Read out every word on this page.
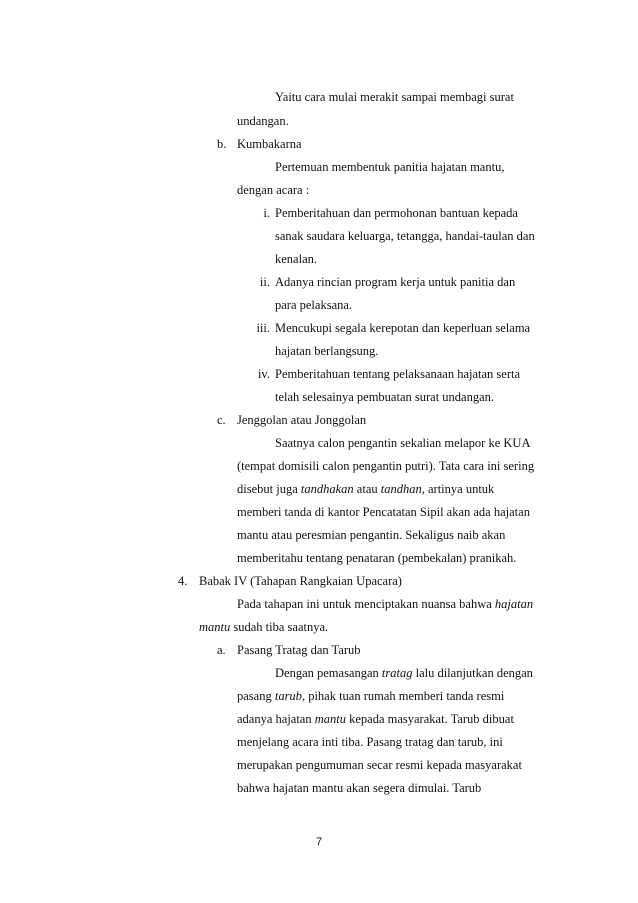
Yaitu cara mulai merakit sampai membagi surat
undangan.
b. Kumbakarna
Pertemuan membentuk panitia hajatan mantu,
dengan acara :
i. Pemberitahuan dan permohonan bantuan kepada
sanak saudara keluarga, tetangga, handai-taulan dan
kenalan.
ii. Adanya rincian program kerja untuk panitia dan
para pelaksana.
iii. Mencukupi segala kerepotan dan keperluan selama
hajatan berlangsung.
iv. Pemberitahuan tentang pelaksanaan hajatan serta
telah selesainya pembuatan surat undangan.
c. Jenggolan atau Jonggolan
Saatnya calon pengantin sekalian melapor ke KUA
(tempat domisili calon pengantin putri). Tata cara ini sering
disebut juga tandhakan atau tandhan, artinya untuk
memberi tanda di kantor Pencatatan Sipil akan ada hajatan
mantu atau peresmian pengantin. Sekaligus naib akan
memberitahu tentang penataran (pembekalan) pranikah.
4. Babak IV (Tahapan Rangkaian Upacara)
Pada tahapan ini untuk menciptakan nuansa bahwa hajatan
mantu sudah tiba saatnya.
a. Pasang Tratag dan Tarub
Dengan pemasangan tratag lalu dilanjutkan dengan
pasang tarub, pihak tuan rumah memberi tanda resmi
adanya hajatan mantu kepada masyarakat. Tarub dibuat
menjelang acara inti tiba. Pasang tratag dan tarub, ini
merupakan pengumuman secar resmi kepada masyarakat
bahwa hajatan mantu akan segera dimulai. Tarub
7
